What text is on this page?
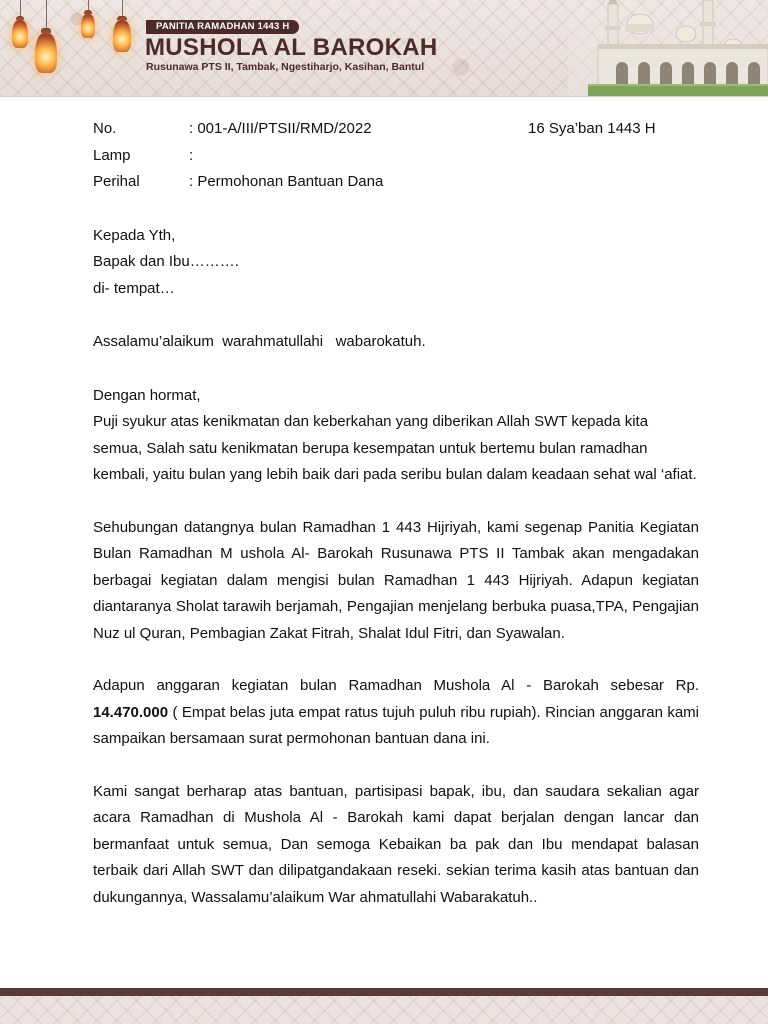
PANITIA RAMADHAN 1443 H
MUSHOLA AL BAROKAH
Rusunawa PTS II, Tambak, Ngestiharjo, Kasihan, Bantul
No.	: 001-A/III/PTSII/RMD/2022	16 Sya’ban 1443 H
Lamp	:
Perihal	: Permohonan Bantuan Dana

Kepada Yth,

Bapak dan Ibu……….

di- tempat…

Assalamu’alaikum  warahmatullahi   wabarokatuh.

Dengan hormat,

Puji syukur atas kenikmatan dan keberkahan yang diberikan Allah SWT kepada kita semua, Salah satu kenikmatan berupa kesempatan untuk bertemu bulan ramadhan kembali, yaitu bulan yang lebih baik dari pada seribu bulan dalam keadaan sehat wal ‘afiat.

Sehubungan datangnya bulan Ramadhan 1 443 Hijriyah, kami segenap Panitia Kegiatan Bulan Ramadhan M ushola Al- Barokah Rusunawa PTS II Tambak akan mengadakan berbagai kegiatan dalam mengisi bulan Ramadhan 1 443 Hijriyah. Adapun kegiatan diantaranya Sholat tarawih berjamah, Pengajian menjelang berbuka puasa,TPA, Pengajian Nuz ul Quran, Pembagian Zakat Fitrah, Shalat Idul Fitri, dan Syawalan.

Adapun anggaran kegiatan bulan Ramadhan Mushola Al - Barokah sebesar Rp. 14.470.000 ( Empat belas juta empat ratus tujuh puluh ribu rupiah). Rincian anggaran kami sampaikan bersamaan surat permohonan bantuan dana ini.

Kami sangat berharap atas bantuan, partisipasi bapak, ibu, dan saudara sekalian agar acara Ramadhan di Mushola Al - Barokah kami dapat berjalan dengan lancar dan bermanfaat untuk semua, Dan semoga Kebaikan ba pak dan Ibu mendapat balasan terbaik dari Allah SWT dan dilipatgandakaan reseki. sekian terima kasih atas bantuan dan dukungannya, Wassalamu’alaikum War ahmatullahi Wabarakatuh..
